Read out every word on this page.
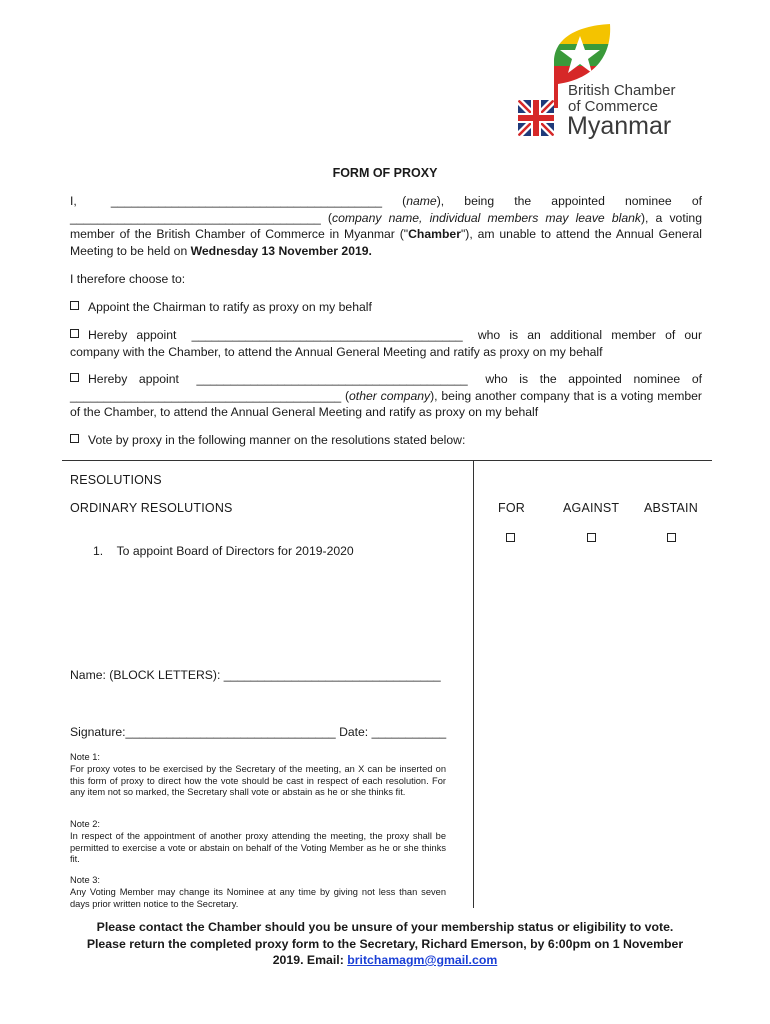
British Chamber
of Commerce
Myanmar
FORM OF PROXY
I,	________________________________________ (name), being the appointed nominee of _____________________________________ (company name, individual members may leave blank), a voting member of the British Chamber of Commerce in Myanmar ("Chamber"), am unable to attend the Annual General Meeting to be held on Wednesday 13 November 2019.
I therefore choose to:
Appoint the Chairman to ratify as proxy on my behalf
Hereby appoint ________________________________________ who is an additional member of our company with the Chamber, to attend the Annual General Meeting and ratify as proxy on my behalf
Hereby appoint ________________________________________ who is the appointed nominee of ________________________________________ (other company), being another company that is a voting member of the Chamber, to attend the Annual General Meeting and ratify as proxy on my behalf
Vote by proxy in the following manner on the resolutions stated below:
RESOLUTIONS
ORDINARY RESOLUTIONS	FOR	AGAINST ABSTAIN
1. To appoint Board of Directors for 2019-2020
Name: (BLOCK LETTERS): ________________________________
Signature:_______________________________ Date: ___________
Note 1:
For proxy votes to be exercised by the Secretary of the meeting, an X can be inserted on this form of proxy to direct how the vote should be cast in respect of each resolution. For any item not so marked, the Secretary shall vote or abstain as he or she thinks fit.
Note 2:
In respect of the appointment of another proxy attending the meeting, the proxy shall be permitted to exercise a vote or abstain on behalf of the Voting Member as he or she thinks fit.
Note 3:
Any Voting Member may change its Nominee at any time by giving not less than seven days prior written notice to the Secretary.
Please contact the Chamber should you be unsure of your membership status or eligibility to vote.
Please return the completed proxy form to the Secretary, Richard Emerson, by 6:00pm on 1 November
2019. Email: britchamagm@gmail.com
